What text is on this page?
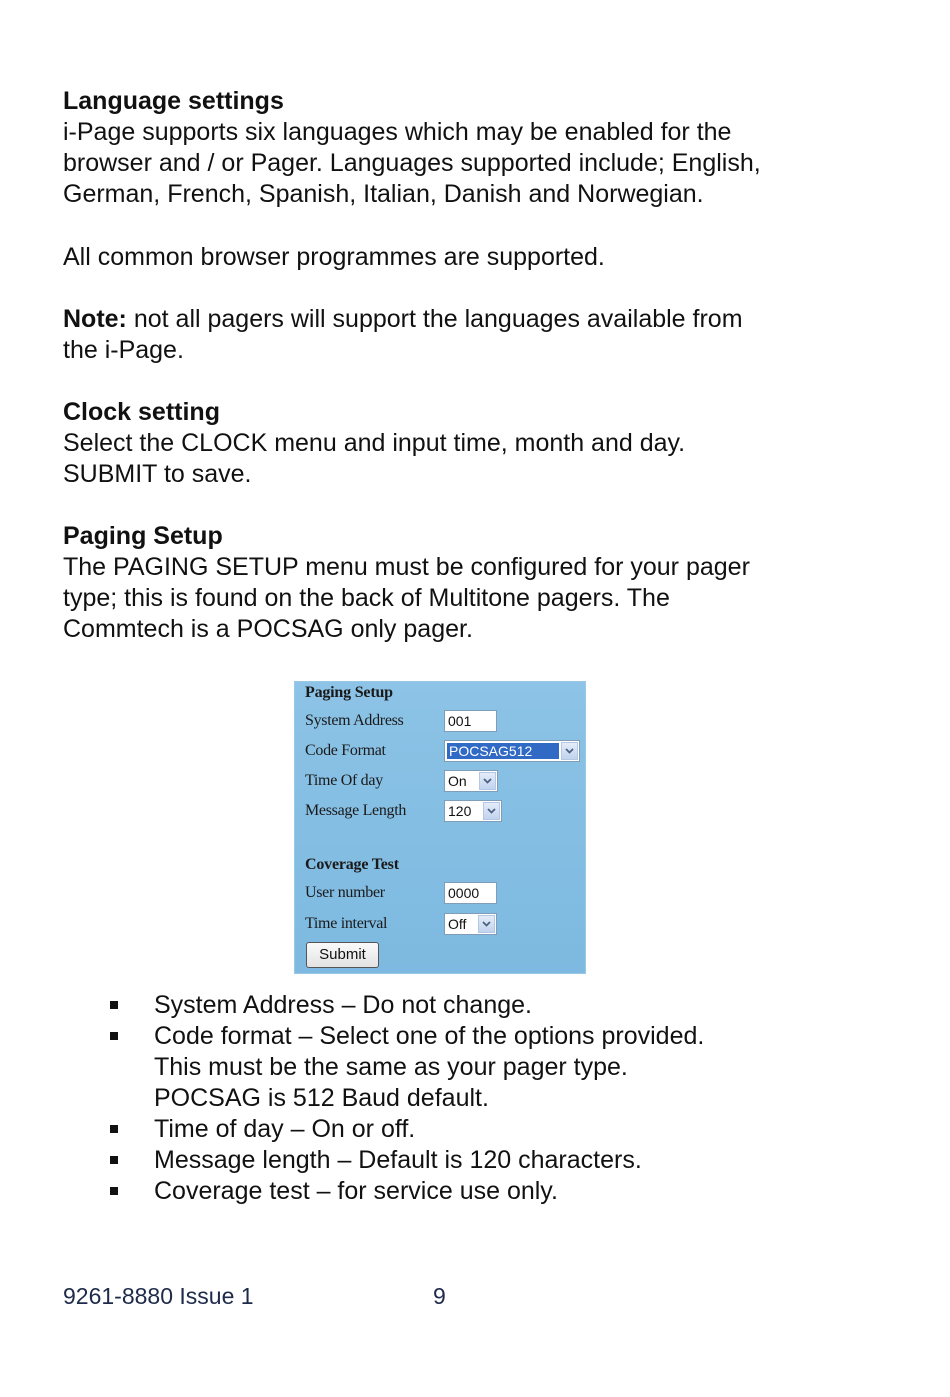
Language settings
i-Page supports six languages which may be enabled for the
browser and / or Pager. Languages supported include; English,
German, French, Spanish, Italian, Danish and Norwegian.
All common browser programmes are supported.
Note: not all pagers will support the languages available from
the i-Page.
Clock setting
Select the CLOCK menu and input time, month and day.
SUBMIT to save.
Paging Setup
The PAGING SETUP menu must be configured for your pager
type; this is found on the back of Multitone pagers. The
Commtech is a POCSAG only pager.
Paging Setup
System Address	001
Code Format	POCSAG512
Time Of day	On
Message Length	120
Coverage Test
User number	0000
Time interval	Off
Submit
System Address – Do not change.
Code format – Select one of the options provided.
This must be the same as your pager type.
POCSAG is 512 Baud default.
Time of day – On or off.
Message length – Default is 120 characters.
Coverage test – for service use only.
9261-8880 Issue 1	9
